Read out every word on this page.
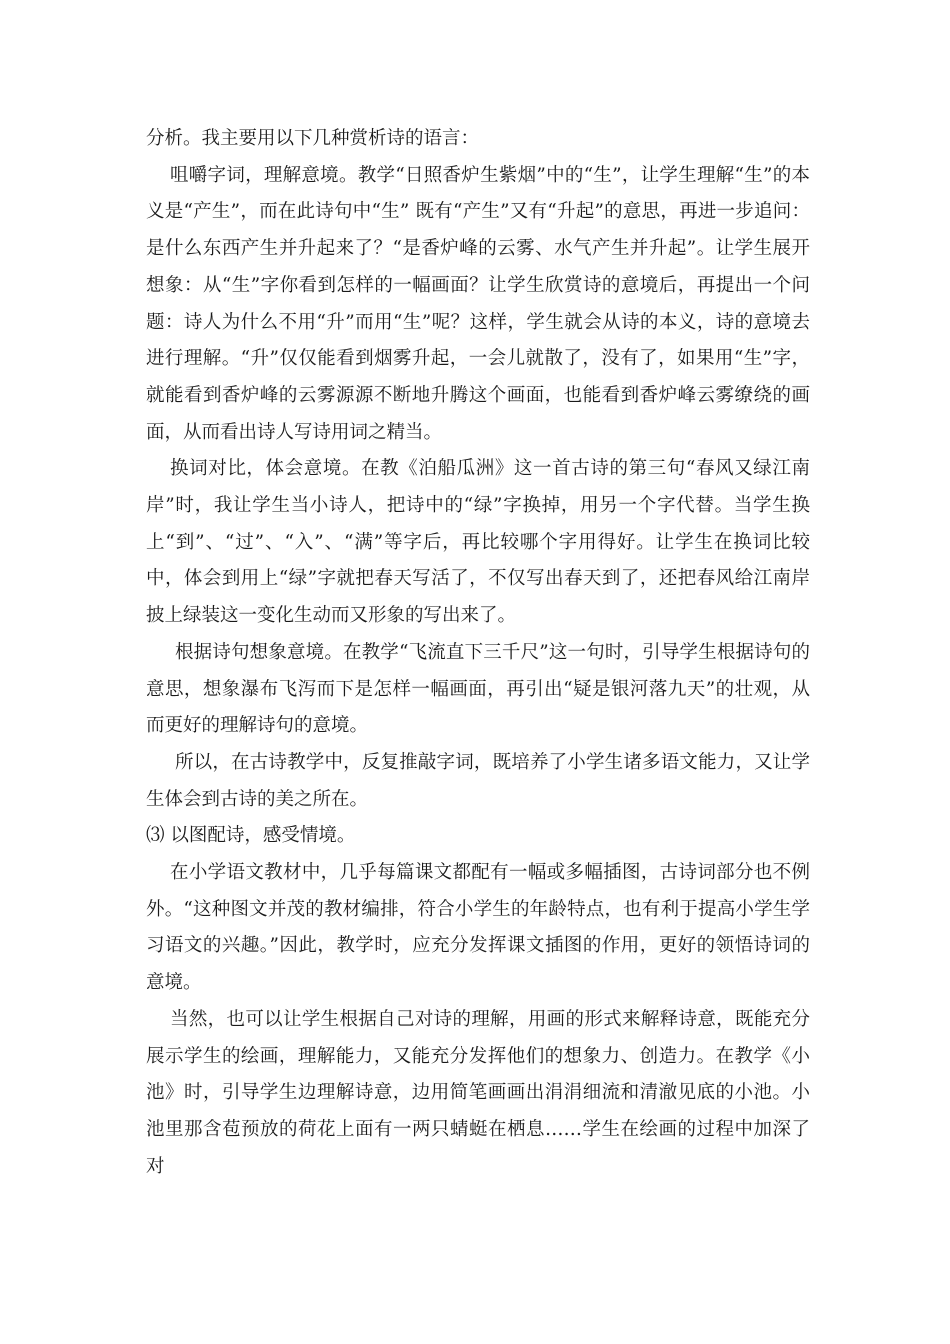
分析。我主要用以下几种赏析诗的语言：

咀嚼字词，理解意境。教学“日照香炉生紫烟”中的“生”，让学生理解“生”的本义是“产生”，而在此诗句中“生” 既有“产生”又有“升起”的意思，再进一步追问：是什么东西产生并升起来了？“是香炉峰的云雾、水气产生并升起”。让学生展开想象：从“生”字你看到怎样的一幅画面？让学生欣赏诗的意境后，再提出一个问题：诗人为什么不用“升”而用“生”呢？这样，学生就会从诗的本义，诗的意境去进行理解。“升”仅仅能看到烟雾升起，一会儿就散了，没有了，如果用“生”字，就能看到香炉峰的云雾源源不断地升腾这个画面，也能看到香炉峰云雾缭绕的画面，从而看出诗人写诗用词之精当。

换词对比，体会意境。在教《泊船瓜洲》这一首古诗的第三句“春风又绿江南岸”时，我让学生当小诗人，把诗中的“绿”字换掉，用另一个字代替。当学生换上“到”、“过”、“入”、“满”等字后，再比较哪个字用得好。让学生在换词比较中，体会到用上“绿”字就把春天写活了，不仅写出春天到了，还把春风给江南岸披上绿装这一变化生动而又形象的写出来了。

根据诗句想象意境。在教学“飞流直下三千尺”这一句时，引导学生根据诗句的意思，想象瀑布飞泻而下是怎样一幅画面，再引出“疑是银河落九天”的壮观，从而更好的理解诗句的意境。

所以，在古诗教学中，反复推敲字词，既培养了小学生诸多语文能力，又让学生体会到古诗的美之所在。

⑶ 以图配诗，感受情境。

在小学语文教材中，几乎每篇课文都配有一幅或多幅插图，古诗词部分也不例外。“这种图文并茂的教材编排，符合小学生的年龄特点，也有利于提高小学生学习语文的兴趣。”因此，教学时，应充分发挥课文插图的作用，更好的领悟诗词的意境。

当然，也可以让学生根据自己对诗的理解，用画的形式来解释诗意，既能充分展示学生的绘画，理解能力，又能充分发挥他们的想象力、创造力。在教学《小池》时，引导学生边理解诗意，边用简笔画画出涓涓细流和清澈见底的小池。小池里那含苞预放的荷花上面有一两只蜻蜓在栖息……学生在绘画的过程中加深了对
